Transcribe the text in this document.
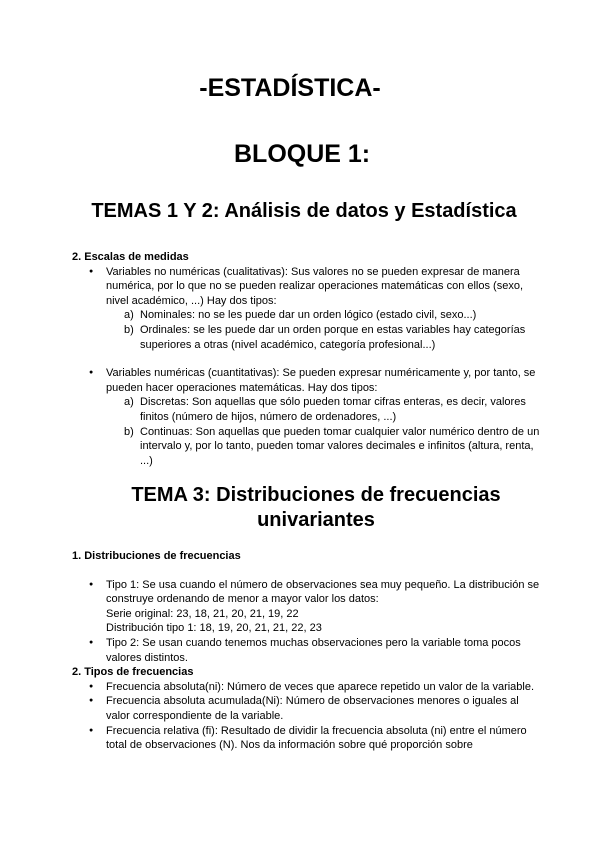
-ESTADÍSTICA-
BLOQUE 1:
TEMAS 1 Y 2: Análisis de datos y Estadística
2. Escalas de medidas
● Variables no numéricas (cualitativas): Sus valores no se pueden expresar de manera numérica, por lo que no se pueden realizar operaciones matemáticas con ellos (sexo, nivel académico, ...) Hay dos tipos:
a) Nominales: no se les puede dar un orden lógico (estado civil, sexo...)
b) Ordinales: se les puede dar un orden porque en estas variables hay categorías superiores a otras (nivel académico, categoría profesional...)
● Variables numéricas (cuantitativas): Se pueden expresar numéricamente y, por tanto, se pueden hacer operaciones matemáticas. Hay dos tipos:
a) Discretas: Son aquellas que sólo pueden tomar cifras enteras, es decir, valores finitos (número de hijos, número de ordenadores, ...)
b) Continuas: Son aquellas que pueden tomar cualquier valor numérico dentro de un intervalo y, por lo tanto, pueden tomar valores decimales e infinitos (altura, renta, ...)
TEMA 3: Distribuciones de frecuencias
univariantes
1. Distribuciones de frecuencias
● Tipo 1: Se usa cuando el número de observaciones sea muy pequeño. La distribución se construye ordenando de menor a mayor valor los datos:
Serie original: 23, 18, 21, 20, 21, 19, 22
Distribución tipo 1: 18, 19, 20, 21, 21, 22, 23
● Tipo 2: Se usan cuando tenemos muchas observaciones pero la variable toma pocos valores distintos.
2. Tipos de frecuencias
● Frecuencia absoluta(ni): Número de veces que aparece repetido un valor de la variable.
● Frecuencia absoluta acumulada(Ni): Número de observaciones menores o iguales al valor correspondiente de la variable.
● Frecuencia relativa (fi): Resultado de dividir la frecuencia absoluta (ni) entre el número total de observaciones (N). Nos da información sobre qué proporción sobre
